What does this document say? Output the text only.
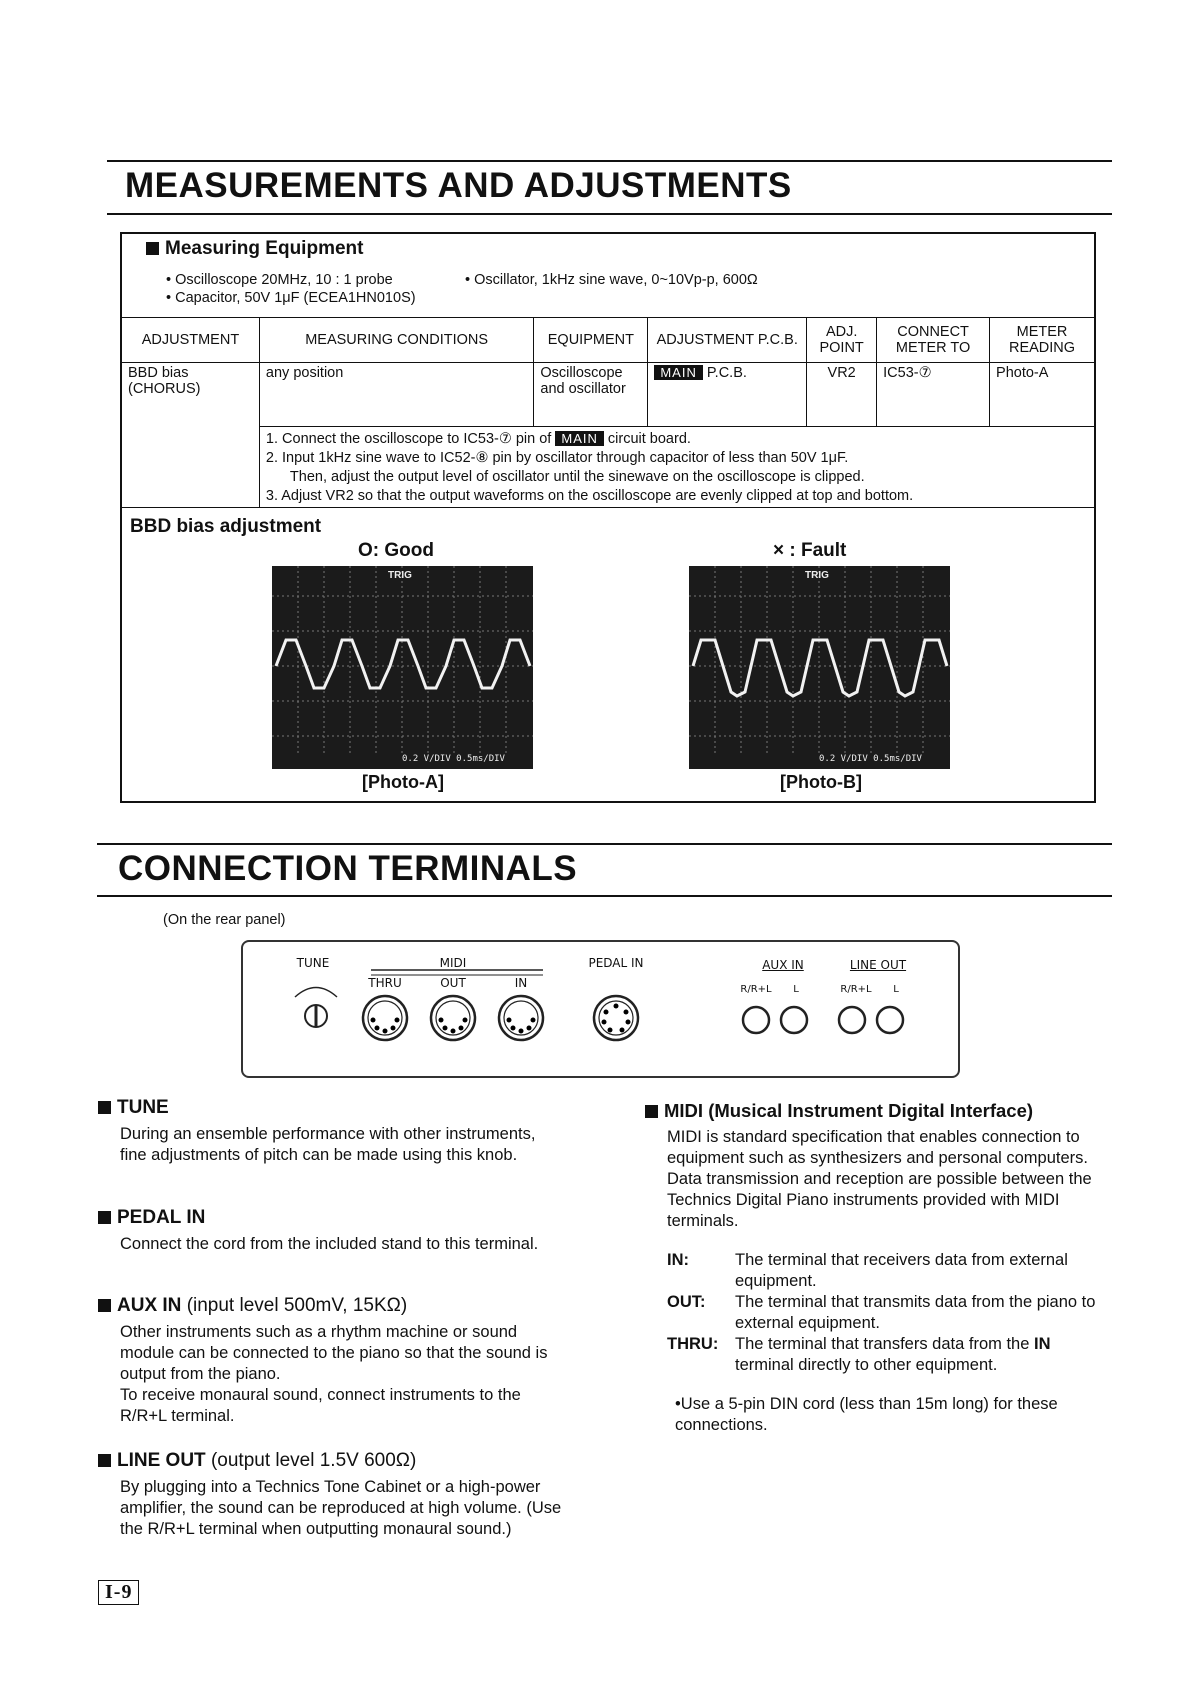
MEASUREMENTS AND ADJUSTMENTS
Measuring Equipment
• Oscilloscope 20MHz, 10 : 1 probe	• Oscillator, 1kHz sine wave, 0~10Vp-p, 600Ω
• Capacitor, 50V 1μF (ECEA1HN010S)
ADJUSTMENT	MEASURING CONDITIONS	EQUIPMENT	ADJUSTMENT P.C.B.	ADJ. POINT	CONNECT METER TO	METER READING
BBD bias (CHORUS)	any position	Oscilloscope and oscillator	MAIN P.C.B.	VR2	IC53-⑦	Photo-A

	1. Connect the oscilloscope to IC53-⑦ pin of MAIN circuit board.
2. Input 1kHz sine wave to IC52-⑧ pin by oscillator through capacitor of less than 50V 1μF.
Then, adjust the output level of oscillator until the sinewave on the oscilloscope is clipped.
3. Adjust VR2 so that the output waveforms on the oscilloscope are evenly clipped at top and bottom.					
BBD bias adjustment
O: Good	× : Fault
TRIG
0.2 V/DIV 0.5ms/DIV
[Photo-A]
TRIG
0.2 V/DIV 0.5ms/DIV
[Photo-B]
CONNECTION TERMINALS
(On the rear panel)
TUNE	MIDI
THRU	OUT	IN
PEDAL IN	AUX IN	LINE OUT
R/R+L	L	R/R+L	L
TUNE
During an ensemble performance with other instruments, fine adjustments of pitch can be made using this knob.
PEDAL IN
Connect the cord from the included stand to this terminal.
AUX IN (input level 500mV, 15KΩ)
Other instruments such as a rhythm machine or sound module can be connected to the piano so that the sound is output from the piano.
To receive monaural sound, connect instruments to the R/R+L terminal.
LINE OUT (output level 1.5V 600Ω)
By plugging into a Technics Tone Cabinet or a high-power amplifier, the sound can be reproduced at high volume. (Use the R/R+L terminal when outputting monaural sound.)
MIDI (Musical Instrument Digital Interface)
MIDI is standard specification that enables connection to equipment such as synthesizers and personal computers. Data transmission and reception are possible between the Technics Digital Piano instruments provided with MIDI terminals.
IN:	The terminal that receivers data from external equipment.
OUT:	The terminal that transmits data from the piano to external equipment.
THRU:	The terminal that transfers data from the IN terminal directly to other equipment.
•Use a 5-pin DIN cord (less than 15m long) for these connections.
I-9
